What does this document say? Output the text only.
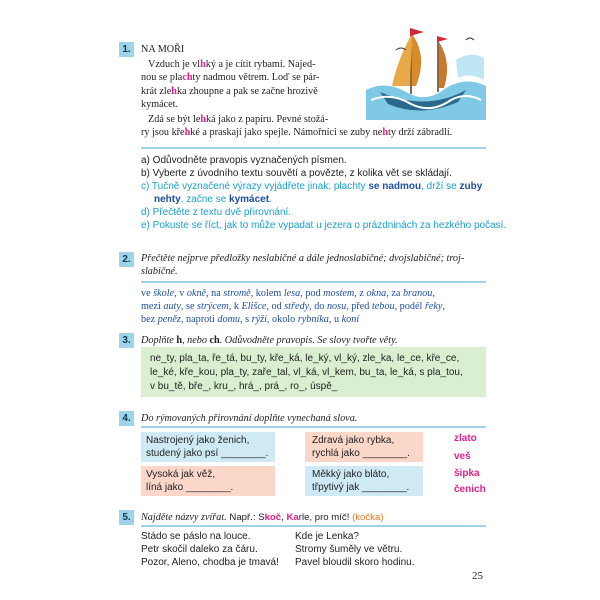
1.	NA MOŘI
Vzduch je vlhký a je cítit rybami. Najed-
nou se plachty nadmou větrem. Loď se pár-
krát zlehka zhoupne a pak se začne hrozivě
kymácet.
Zdá se být lehká jako z papíru. Pevné stožá-
ry jsou křehké a praskají jako spejle. Námořníci se zuby nehty drží zábradlí.
a) Odůvodněte pravopis vyznačených písmen.
b) Vyberte z úvodního textu souvětí a povězte, z kolika vět se skládají.
c) Tučně vyznačené výrazy vyjádřete jinak: plachty se nadmou, drží se zuby
nehty, začne se kymácet.
d) Přečtěte z textu dvě přirovnání.
e) Pokuste se říct, jak to může vypadat u jezera o prázdninách za hezkého počasí.
2.	Přečtěte nejprve předložky neslabičné a dále jednoslabičné; dvojslabičné; troj-
slabičné.
ve škole, v okně, na stromě, kolem lesa, pod mostem, z okna, za branou,
mezi auty, se strýcem, k Elišce, od středy, do nosu, před tebou, podél řeky,
bez peněz, naproti domu, s rýží, okolo rybníka, u koní
3.	Doplňte h, nebo ch. Odůvodněte pravopis. Se slovy tvořte věty.
ne_ty, pla_ta, ře_tá, bu_ty, kře_ká, le_ký, vl_ký, zle_ka, le_ce, kře_ce,
le_ké, kře_kou, pla_ty, zaře_tal, vl_ká, vl_kem, bu_ta, le_ká, s pla_tou,
v bu_tě, bře_, kru_, hrá_, prá_, ro_, úspě_
4.	Do rýmovaných přirovnání doplňte vynechaná slova.
Nastrojený jako ženich,
studený jako psí ________.
Zdravá jako rybka,
rychlá jako ________.
Vysoká jak věž,
líná jako ________.
Měkký jako bláto,
třpytivý jak ________.
zlato
veš
šipka
čenich
5.	Najděte názvy zvířat. Např.: Skoč, Karle, pro míč! (kočka)
Stádo se páslo na louce.
Petr skočil daleko za čáru.
Pozor, Aleno, chodba je tmavá!
Kde je Lenka?
Stromy šuměly ve větru.
Pavel bloudil skoro hodinu.
25
